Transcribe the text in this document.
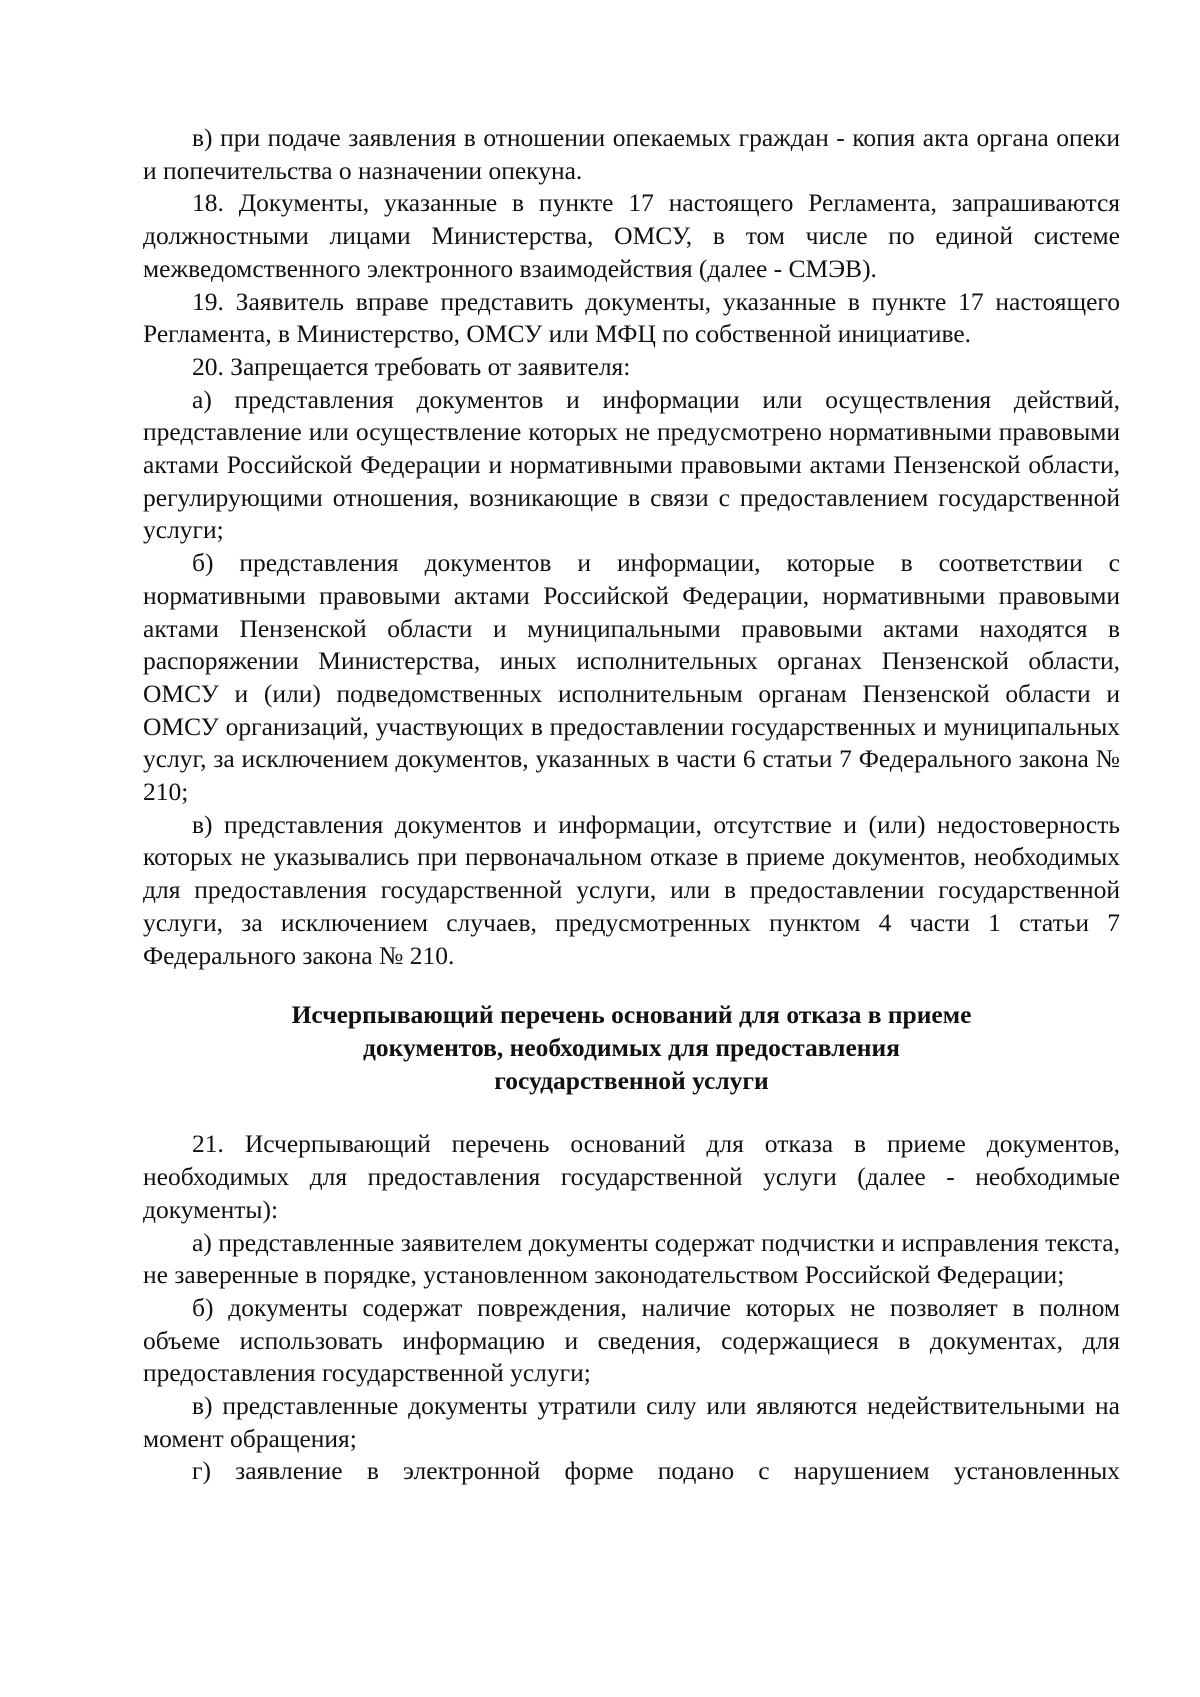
в) при подаче заявления в отношении опекаемых граждан - копия акта органа опеки и попечительства о назначении опекуна.

18. Документы, указанные в пункте 17 настоящего Регламента, запрашиваются должностными лицами Министерства, ОМСУ, в том числе по единой системе межведомственного электронного взаимодействия (далее - СМЭВ).

19. Заявитель вправе представить документы, указанные в пункте 17 настоящего Регламента, в Министерство, ОМСУ или МФЦ по собственной инициативе.

20. Запрещается требовать от заявителя:

а) представления документов и информации или осуществления действий, представление или осуществление которых не предусмотрено нормативными правовыми актами Российской Федерации и нормативными правовыми актами Пензенской области, регулирующими отношения, возникающие в связи с предоставлением государственной услуги;

б) представления документов и информации, которые в соответствии с нормативными правовыми актами Российской Федерации, нормативными правовыми актами Пензенской области и муниципальными правовыми актами находятся в распоряжении Министерства, иных исполнительных органах Пензенской области, ОМСУ и (или) подведомственных исполнительным органам Пензенской области и ОМСУ организаций, участвующих в предоставлении государственных и муниципальных услуг, за исключением документов, указанных в части 6 статьи 7 Федерального закона № 210;

в) представления документов и информации, отсутствие и (или) недостоверность которых не указывались при первоначальном отказе в приеме документов, необходимых для предоставления государственной услуги, или в предоставлении государственной услуги, за исключением случаев, предусмотренных пунктом 4 части 1 статьи 7 Федерального закона № 210.

Исчерпывающий перечень оснований для отказа в приеме
документов, необходимых для предоставления
государственной услуги

21. Исчерпывающий перечень оснований для отказа в приеме документов, необходимых для предоставления государственной услуги (далее - необходимые документы):

а) представленные заявителем документы содержат подчистки и исправления текста, не заверенные в порядке, установленном законодательством Российской Федерации;

б) документы содержат повреждения, наличие которых не позволяет в полном объеме использовать информацию и сведения, содержащиеся в документах, для предоставления государственной услуги;

в) представленные документы утратили силу или являются недействительными на момент обращения;

г) заявление в электронной форме подано с нарушением установленных
